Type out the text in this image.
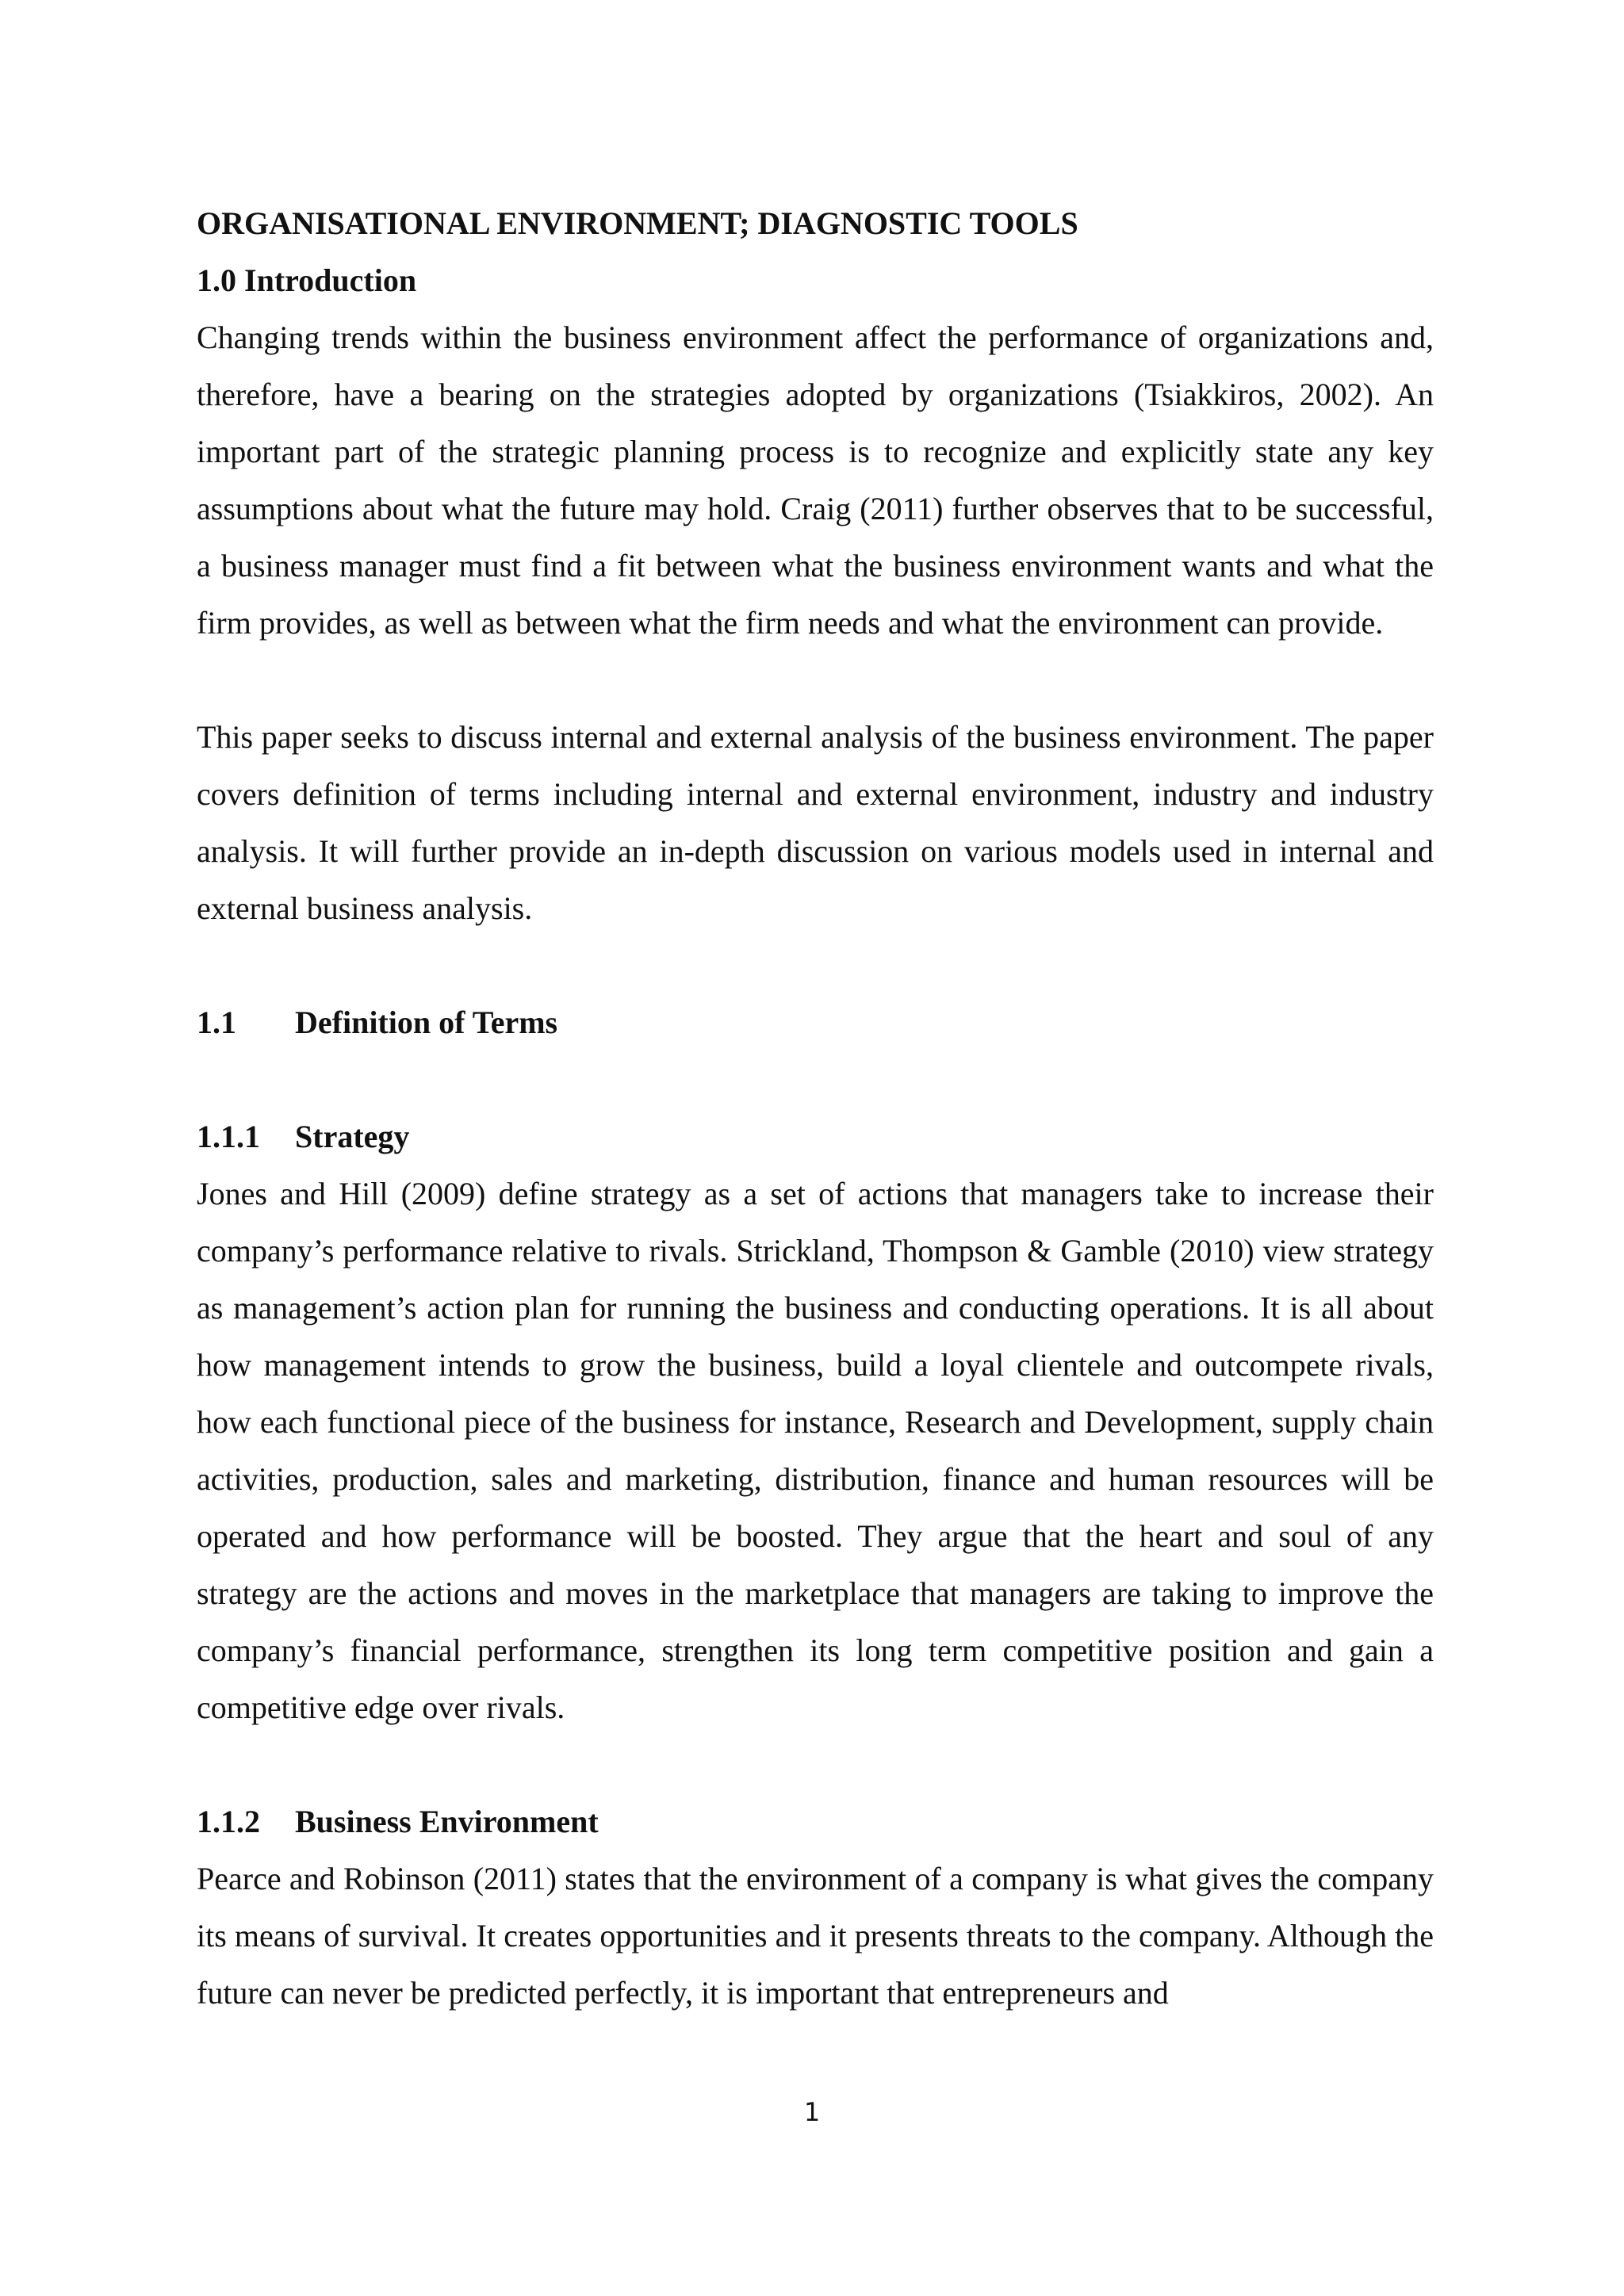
ORGANISATIONAL ENVIRONMENT; DIAGNOSTIC TOOLS
1.0 Introduction

Changing trends within the business environment affect the performance of organizations and, therefore, have a bearing on the strategies adopted by organizations (Tsiakkiros, 2002). An important part of the strategic planning process is to recognize and explicitly state any key assumptions about what the future may hold. Craig (2011) further observes that to be successful, a business manager must find a fit between what the business environment wants and what the firm provides, as well as between what the firm needs and what the environment can provide.

This paper seeks to discuss internal and external analysis of the business environment. The paper covers definition of terms including internal and external environment, industry and industry analysis. It will further provide an in-depth discussion on various models used in internal and external business analysis.

1.1 Definition of Terms
1.1.1 Strategy

Jones and Hill (2009) define strategy as a set of actions that managers take to increase their company’s performance relative to rivals. Strickland, Thompson & Gamble (2010) view strategy as management’s action plan for running the business and conducting operations. It is all about how management intends to grow the business, build a loyal clientele and outcompete rivals, how each functional piece of the business for instance, Research and Development, supply chain activities, production, sales and marketing, distribution, finance and human resources will be operated and how performance will be boosted. They argue that the heart and soul of any strategy are the actions and moves in the marketplace that managers are taking to improve the company’s financial performance, strengthen its long term competitive position and gain a competitive edge over rivals.

1.1.2 Business Environment

Pearce and Robinson (2011) states that the environment of a company is what gives the company its means of survival. It creates opportunities and it presents threats to the company. Although the future can never be predicted perfectly, it is important that entrepreneurs and

1
